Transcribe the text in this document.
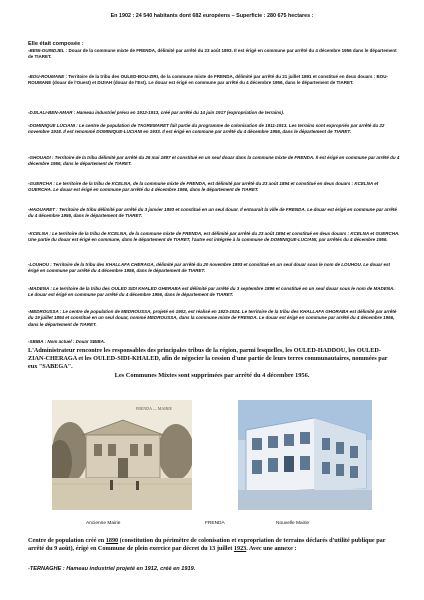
En 1902 : 24 540 habitants dont 682 européens – Superficie : 280 675 hectares :
Elle était composée :
-BENI-OUINDJEL : Douar de la commune mixte de FRENDA, délimité par arrêté du 23 août 1893. Il est érigé en commune par arrêté du 4 décembre 1956 dans le département de TIARET.
-BOU-ROUMANE : Territoire de la tribu des OULED-BOU-ZIRI, de la commune mixte de FRENDA, délimité par arrêté du 21 juillet 1891 et constitué en deux douars : BOU-ROUMANE (douar de l'Ouest) et DIJIAH (douar de l'Est). Le douar est érigé en commune par arrêté du 4 décembre 1956, dans le département de TIARET.
-DJILALI-BEN-AMAR : Hameau industriel prévu en 1912-1913, créé par arrêté du 14 juin 1917 (expropriation de terrains).
-DOMINIQUE LUCIANI : Le centre de population de TAGREMARET fait partie du programme de colonisation de 1911-1913. Les terrains sont expropriés par arrêté du 22 novembre 1918. Il est renommé DOMINIQUE-LUCIANI en 1933. Il est érigé en commune par arrêté du 4 décembre 1956, dans le département de TIARET.
-GHOUADI : Territoire de la tribu délimité par arrêté du 26 mai 1897 et constitué en un seul douar dans la commune mixte de FRENDA. Il est érigé en commune par arrêté du 4 décembre 1956, dans le département de TIARET.
-GUERCHA : Le territoire de la tribu de KCELNA, de la commune mixte de FRENDA, est délimité par arrêté du 23 août 1894 et constitué en deux douars : KCELNA et GUERCHA. Le douar est érigé en commune par arrêté du 4 décembre 1956, dans le département de TIARET.
-HAOUARET : Territoire de tribu délimité par arrêté du 3 janvier 1893 et constitué en un seul douar. Il entourait la ville de FRENDA. Le douar est érigé en commune par arrêté du 4 décembre 1956, dans le département de TIARET.
-KCELNA : Le territoire de la tribu de KCELNA, de la commune mixte de FRENDA, est délimité par arrêté du 23 août 1894 et constitué en deux douars : KCELNA et GUERCHA. Une partie du douar est érigé en commune, dans le département de TIARET, l'autre est intégrée à la commune de DOMINIQUE-LUCIANI, par arrêtés du 4 décembre 1956.
-LOUHOU : Territoire de la tribu des KHALLAFA CHERAGA, délimité par arrêté du 20 novembre 1893 et constitué en un seul douar sous le nom de LOUHOU. Le douar est érigé en commune par arrêté du 4 décembre 1956, dans le département de TIARET.
-MADENA : Le territoire de la tribu des OULED SIDI KHALED GHERABA est délimité par arrêté du 3 septembre 1896 et constitué en un seul douar sous le nom de MADENA. Le douar est érigé en commune par arrêté du 4 décembre 1956, dans le département de TIARET.
-MEDROUSSA : Le centre de population de MEDROUSSA, projeté en 1902, est réalisé en 1923-1924. Le territoire de la tribu des KHALLAFA GHORABA est délimité par arrêté du 19 juillet 1894 et constitué en un seul douar, nommé MEDROUSSA, dans la commune mixte de FRENDA. Le douar est érigé en commune par arrêté du 4 décembre 1956, dans le département de TIARET.
-SBIBA : Nom actuel : Douar SBIBA.
L'Administrateur rencontre les responsables des principales tribus de la région, parmi lesquelles, les OULED-HADDOU, les OULED-ZIAN-CHERAGA et les OULED-SIDI-KHALED, afin de négocier la cession d'une partie de leurs terres communautaires, nommées par eux "SABEGA".
Les Communes Mixtes sont supprimées par arrêté du 4 décembre 1956.
FRENDA — MAIRIE
Ancienne Mairie	FRENDA	Nouvelle Mairie
Centre de population créé en 1890 (constitution du périmètre de colonisation et expropriation de terrains déclarés d'utilité publique par arrêté du 9 août), érigé en Commune de plein exercice par décret du 13 juillet 1923. Avec une annexe :
-TERNAGHE : Hameau industriel projeté en 1912, créé en 1919.
